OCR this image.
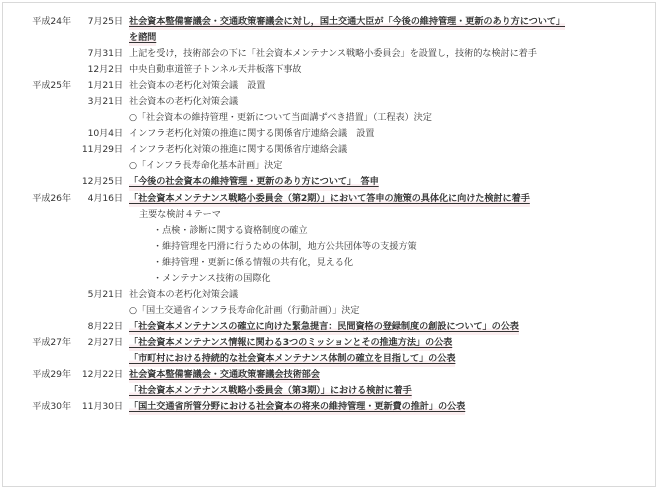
平成24年	7月25日 社会資本整備審議会・交通政策審議会に対し，国土交通大臣が「今後の維持管理・更新のあり方について」
を諮問
7月31日 上記を受け，技術部会の下に「社会資本メンテナンス戦略小委員会」を設置し，技術的な検討に着手
12月2日 中央自動車道笹子トンネル天井板落下事故
平成25年	1月21日 社会資本の老朽化対策会議　設置
3月21日 社会資本の老朽化対策会議
○「社会資本の維持管理・更新について当面講ずべき措置」（工程表）決定
10月4日 インフラ老朽化対策の推進に関する関係省庁連絡会議　設置
11月29日 インフラ老朽化対策の推進に関する関係省庁連絡会議
○「インフラ長寿命化基本計画」決定
12月25日 「今後の社会資本の維持管理・更新のあり方について」　答申
平成26年	4月16日 「社会資本メンテナンス戦略小委員会（第2期）」において答申の施策の具体化に向けた検討に着手
主要な検討４テーマ
・点検・診断に関する資格制度の確立
・維持管理を円滑に行うための体制，地方公共団体等の支援方策
・維持管理・更新に係る情報の共有化，見える化
・メンテナンス技術の国際化
5月21日 社会資本の老朽化対策会議
○「国土交通省インフラ長寿命化計画（行動計画）」決定
8月22日 「社会資本メンテナンスの確立に向けた緊急提言：民間資格の登録制度の創設について」の公表
平成27年	2月27日 「社会資本メンテナンス情報に関わる3つのミッションとその推進方法」の公表
「市町村における持続的な社会資本メンテナンス体制の確立を目指して」の公表
平成29年	12月22日 社会資本整備審議会・交通政策審議会技術部会
「社会資本メンテナンス戦略小委員会（第3期）」における検討に着手
平成30年	11月30日 「国土交通省所管分野における社会資本の将来の維持管理・更新費の推計」の公表
